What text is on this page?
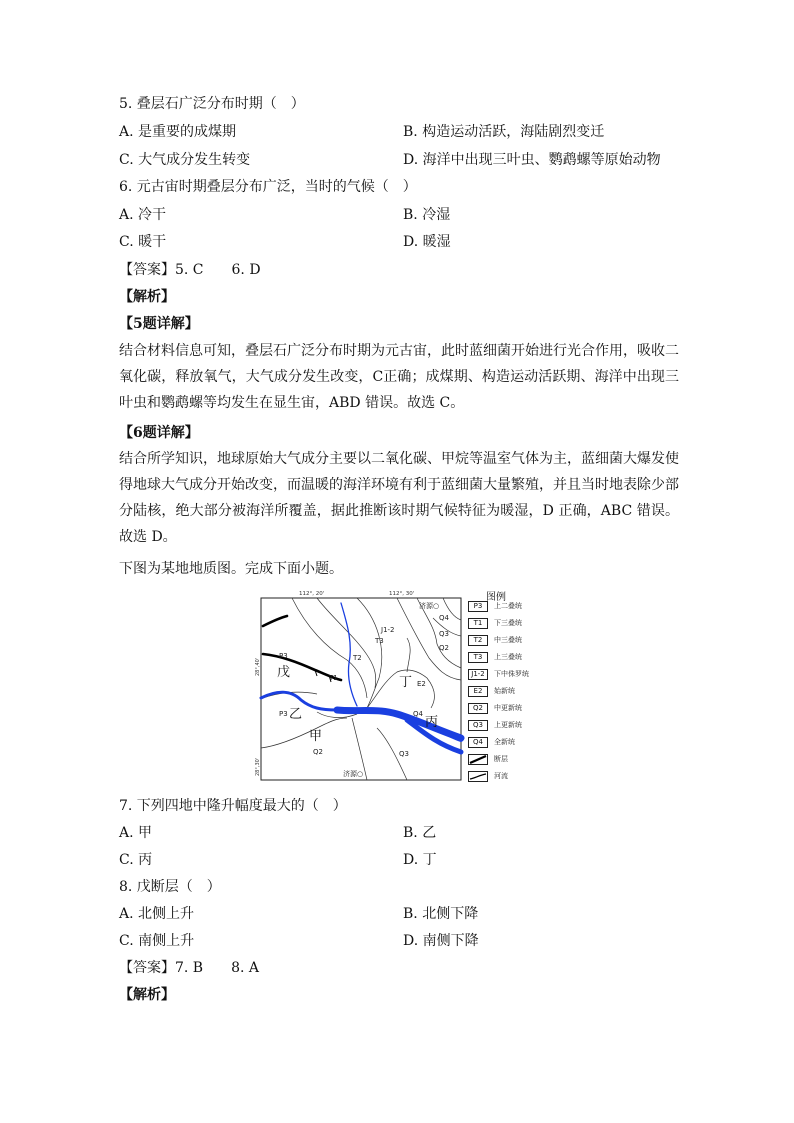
5. 叠层石广泛分布时期（　）
A. 是重要的成煤期	B. 构造运动活跃，海陆剧烈变迁
C. 大气成分发生转变	D. 海洋中出现三叶虫、鹦鹉螺等原始动物
6. 元古宙时期叠层分布广泛，当时的气候（　）
A. 冷干	B. 冷湿
C. 暖干	D. 暖湿
【答案】5. C　　6. D
【解析】
【5题详解】
结合材料信息可知，叠层石广泛分布时期为元古宙，此时蓝细菌开始进行光合作用，吸收二氧化碳，释放氧气，大气成分发生改变，C正确；成煤期、构造运动活跃期、海洋中出现三叶虫和鹦鹉螺等均发生在显生宙，ABD 错误。故选 C。
【6题详解】
结合所学知识，地球原始大气成分主要以二氧化碳、甲烷等温室气体为主，蓝细菌大爆发使得地球大气成分开始改变，而温暖的海洋环境有利于蓝细菌大量繁殖，并且当时地表除少部分陆核，绝大部分被海洋所覆盖，据此推断该时期气候特征为暖湿，D 正确，ABC 错误。故选 D。
下图为某地地质图。完成下面小题。
112°, 20'	112°, 30'
28°,40'
28°,30'
济源○
济源○
戊
乙
甲
丙
丁
P3
P3
T1
T2
T3
J1-2
E2
Q4
Q3
Q2
Q2	Q3
Q4
图例
P3	上二叠统
T1	下三叠统
T2	中三叠统
T3	上三叠统
J1-2	下中侏罗统
E2	始新统
Q2	中更新统
Q3	上更新统
Q4	全新统
断层
河流
7. 下列四地中隆升幅度最大的（　）
A. 甲	B. 乙
C. 丙	D. 丁
8. 戊断层（　）
A. 北侧上升	B. 北侧下降
C. 南侧上升	D. 南侧下降
【答案】7. B　　8. A
【解析】
